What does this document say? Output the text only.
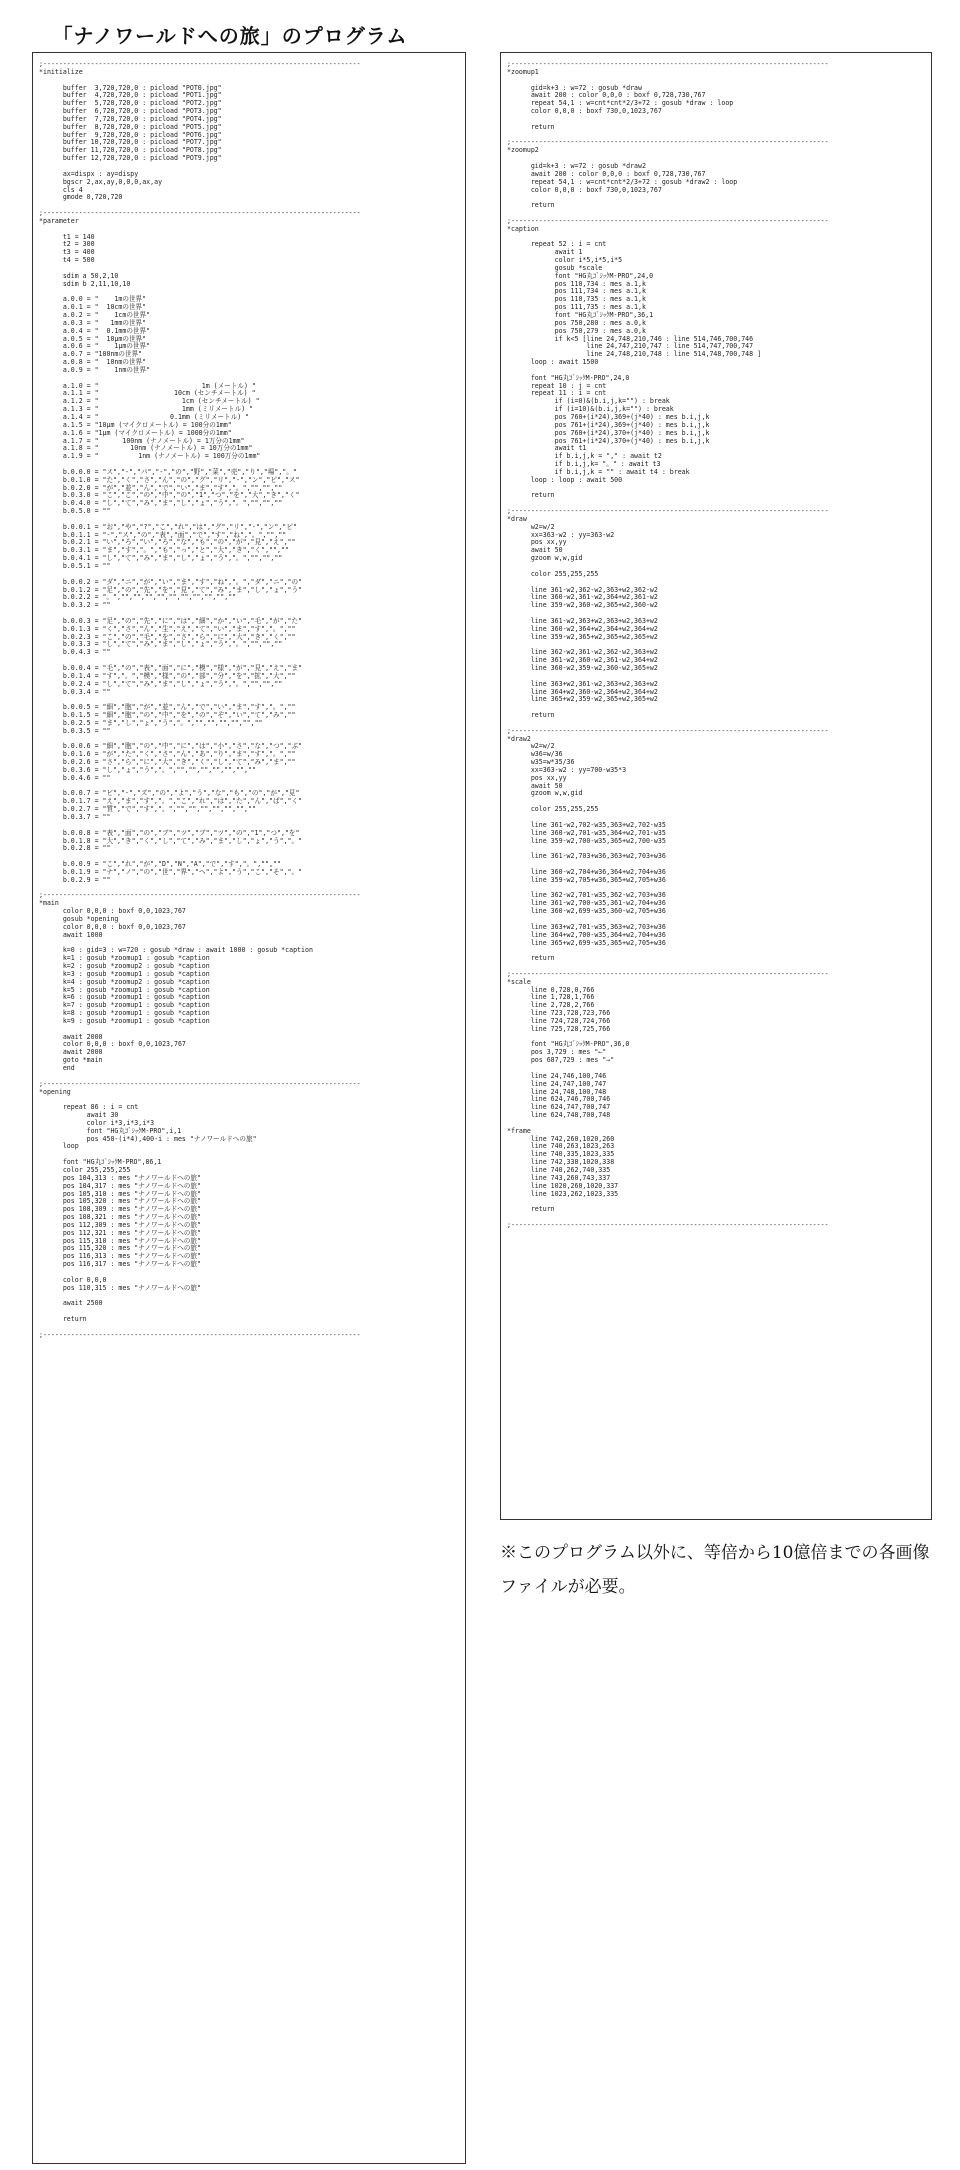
「ナノワールドへの旅」のプログラム
;--------------------------------------------------------------------------------
*initialize

buffer  3,720,720,0 : picload "POT0.jpg"
buffer  4,720,720,0 : picload "POT1.jpg"
buffer  5,720,720,0 : picload "POT2.jpg"
buffer  6,720,720,0 : picload "POT3.jpg"
buffer  7,720,720,0 : picload "POT4.jpg"
buffer  8,720,720,0 : picload "POT5.jpg"
buffer  9,720,720,0 : picload "POT6.jpg"
buffer 10,720,720,0 : picload "POT7.jpg"
buffer 11,720,720,0 : picload "POT8.jpg"
buffer 12,720,720,0 : picload "POT9.jpg"

ax=dispx : ay=dispy
bgscr 2,ax,ay,0,0,0,ax,ay
cls 4
gmode 0,720,720

;--------------------------------------------------------------------------------
*parameter

t1 = 140
t2 = 300
t3 = 400
t4 = 500

sdim a 50,2,10
sdim b 2,11,10,10

a.0.0 = "    1mの世界"
a.0.1 = "  10cmの世界"
a.0.2 = "    1cmの世界"
a.0.3 = "   1mmの世界"
a.0.4 = "  0.1mmの世界"
a.0.5 = "  10μmの世界"
a.0.6 = "    1μmの世界"
a.0.7 = "100nmの世界"
a.0.8 = "  10nmの世界"
a.0.9 = "    1nmの世界"

a.1.0 = "                          1m (メートル) "
a.1.1 = "                   10cm (センチメートル) "
a.1.2 = "                     1cm (センチメートル) "
a.1.3 = "                     1mm (ミリメートル) "
a.1.4 = "                  0.1mm (ミリメートル) "
a.1.5 = "10μm (マイクロメートル) = 100分の1mm"
a.1.6 = "1μm (マイクロメートル) = 1000分の1mm"
a.1.7 = "      100nm (ナノメートル) = 1万分の1mm"
a.1.8 = "        10nm (ナノメートル) = 10万分の1mm"
a.1.9 = "          1nm (ナノメートル) = 100万分の1mm"

b.0.0.0 = "ス","-","パ","-","の","野","菜","売","り","場","。"
b.0.1.0 = "た","く","さ","ん","の","グ","リ","-","ン","ピ","ス"
b.0.2.0 = "が","並","ん","で","い","ま","す","。","","",""
b.0.3.0 = "こ","こ","の","中","の","1","つ","を","大","き","く"
b.0.4.0 = "し","て","み","ま","し","ょ","う","。","","",""
b.0.5.0 = ""

b.0.0.1 = "お","や","?","こ","れ","は","グ","リ","-","ン","ピ"
b.0.1.1 = "-","ス","の","表","面","で","す","ね","。","",""
b.0.2.1 = "い","ろ","い","ろ","な","も","の","が","見","え",""
b.0.3.1 = "ま","す","。","も","っ","と","大","き","く","",""
b.0.4.1 = "し","て","み","ま","し","ょ","う","。","","",""
b.0.5.1 = ""

b.0.0.2 = "ダ","ニ","が","い","ま","す","ね","。","ダ","ニ","の"
b.0.1.2 = "足","の","先","を","見","て","み","ま","し","ょ","う"
b.0.2.2 = "。","","","","","","","","","",""
b.0.3.2 = ""

b.0.0.3 = "足","の","先","に","は","細","か","い","毛","が","た"
b.0.1.3 = "く","さ","ん","生","え","て","い","ま","す","。",""
b.0.2.3 = "こ","の","毛","を","さ","ら","に","大","き","く",""
b.0.3.3 = "し","て","み","ま","し","ょ","う","。","","",""
b.0.4.3 = ""

b.0.0.4 = "毛","の","表","面","に","模","様","が","見","え","ま"
b.0.1.4 = "す","。","模","様","の","部","分","を","拡","大",""
b.0.2.4 = "し","て","み","ま","し","ょ","う","。","","",""
b.0.3.4 = ""

b.0.0.5 = "細","胞","が","並","ん","で","い","ま","す","。",""
b.0.1.5 = "細","胞","の","中","を","の","ぞ","い","て","み",""
b.0.2.5 = "ま","し","ょ","う","。","","","","","",""
b.0.3.5 = ""

b.0.0.6 = "細","胞","の","中","に","は","小","さ","な","つ","ぶ"
b.0.1.6 = "が","た","く","さ","ん","あ","り","ま","す","。",""
b.0.2.6 = "さ","ら","に","大","き","く","し","て","み","ま",""
b.0.3.6 = "し","ょ","う","。","","","","","","",""
b.0.4.6 = ""

b.0.0.7 = "ビ","-","ズ","の","よ","う","な","も","の","が","見"
b.0.1.7 = "え","ま","す","。","こ","れ","は","た","ん","ぱ","く"
b.0.2.7 = "質","で","す","。","","","","","","",""
b.0.3.7 = ""

b.0.0.8 = "表","面","の","ブ","ツ","ブ","ツ","の","1","つ","を"
b.0.1.8 = "大","き","く","し","て","み","ま","し","ょ","う","。"
b.0.2.8 = ""

b.0.0.9 = "こ","れ","が","D","N","A","で","す","。","",""
b.0.1.9 = "ナ","ノ","の","世","界","へ","よ","う","こ","そ","。"
b.0.2.9 = ""

;--------------------------------------------------------------------------------
*main
color 0,0,0 : boxf 0,0,1023,767
gosub *opening
color 0,0,0 : boxf 0,0,1023,767
await 1000

k=0 : gid=3 : w=720 : gosub *draw : await 1000 : gosub *caption
k=1 : gosub *zoomup1 : gosub *caption
k=2 : gosub *zoomup2 : gosub *caption
k=3 : gosub *zoomup1 : gosub *caption
k=4 : gosub *zoomup2 : gosub *caption
k=5 : gosub *zoomup1 : gosub *caption
k=6 : gosub *zoomup1 : gosub *caption
k=7 : gosub *zoomup1 : gosub *caption
k=8 : gosub *zoomup1 : gosub *caption
k=9 : gosub *zoomup1 : gosub *caption

await 2000
color 0,0,0 : boxf 0,0,1023,767
await 2000
goto *main
end

;--------------------------------------------------------------------------------
*opening

repeat 86 : i = cnt
await 30
color i*3,i*3,i*3
font "HG丸ｺﾞｼｯｸM-PRO",i,1
pos 450-(i*4),400-i : mes "ナノワールドへの旅"
loop

font "HG丸ｺﾞｼｯｸM-PRO",86,1
color 255,255,255
pos 104,313 : mes "ナノワールドへの旅"
pos 104,317 : mes "ナノワールドへの旅"
pos 105,310 : mes "ナノワールドへの旅"
pos 105,320 : mes "ナノワールドへの旅"
pos 108,309 : mes "ナノワールドへの旅"
pos 108,321 : mes "ナノワールドへの旅"
pos 112,309 : mes "ナノワールドへの旅"
pos 112,321 : mes "ナノワールドへの旅"
pos 115,310 : mes "ナノワールドへの旅"
pos 115,320 : mes "ナノワールドへの旅"
pos 116,313 : mes "ナノワールドへの旅"
pos 116,317 : mes "ナノワールドへの旅"

color 0,0,0
pos 110,315 : mes "ナノワールドへの旅"

await 2500

return

;--------------------------------------------------------------------------------

;--------------------------------------------------------------------------------
*zoomup1

gid=k+3 : w=72 : gosub *draw
await 200 : color 0,0,0 : boxf 0,728,730,767
repeat 54,1 : w=cnt*cnt*2/3+72 : gosub *draw : loop
color 0,0,0 : boxf 730,0,1023,767

return

;--------------------------------------------------------------------------------
*zoomup2

gid=k+3 : w=72 : gosub *draw2
await 200 : color 0,0,0 : boxf 0,728,730,767
repeat 54,1 : w=cnt*cnt*2/3+72 : gosub *draw2 : loop
color 0,0,0 : boxf 730,0,1023,767

return

;--------------------------------------------------------------------------------
*caption

repeat 52 : i = cnt
await 1
color i*5,i*5,i*5
gosub *scale
font "HG丸ｺﾞｼｯｸM-PRO",24,0
pos 110,734 : mes a.1,k
pos 111,734 : mes a.1,k
pos 110,735 : mes a.1,k
pos 111,735 : mes a.1,k
font "HG丸ｺﾞｼｯｸM-PRO",36,1
pos 750,280 : mes a.0,k
pos 750,279 : mes a.0,k
if k<5 [line 24,748,210,746 : line 514,746,700,746
line 24,747,210,747 : line 514,747,700,747
line 24,748,210,748 : line 514,748,700,748 ]
loop : await 1500

font "HG丸ｺﾞｼｯｸM-PRO",24,0
repeat 10 : j = cnt
repeat 11 : i = cnt
if (i=0)&(b.i,j,k="") : break
if (i=10)&(b.i,j,k="") : break
pos 760+(i*24),369+(j*40) : mes b.i,j,k
pos 761+(i*24),369+(j*40) : mes b.i,j,k
pos 760+(i*24),370+(j*40) : mes b.i,j,k
pos 761+(i*24),370+(j*40) : mes b.i,j,k
await t1
if b.i,j,k = "," : await t2
if b.i,j,k= "。" : await t3
if b.i,j,k = "" : await t4 : break
loop : loop : await 500

return

;--------------------------------------------------------------------------------
*draw
w2=w/2
xx=363-w2 : yy=363-w2
pos xx,yy
await 50
gzoom w,w,gid

color 255,255,255

line 361-w2,362-w2,363+w2,362-w2
line 360-w2,361-w2,364+w2,361-w2
line 359-w2,360-w2,365+w2,360-w2

line 361-w2,363+w2,363+w2,363+w2
line 360-w2,364+w2,364+w2,364+w2
line 359-w2,365+w2,365+w2,365+w2

line 362-w2,361-w2,362-w2,363+w2
line 361-w2,360-w2,361-w2,364+w2
line 360-w2,359-w2,360-w2,365+w2

line 363+w2,361-w2,363+w2,363+w2
line 364+w2,360-w2,364+w2,364+w2
line 365+w2,359-w2,365+w2,365+w2

return

;--------------------------------------------------------------------------------
*draw2
w2=w/2
w36=w/36
w35=w*35/36
xx=363-w2 : yy=700-w35*3
pos xx,yy
await 50
gzoom w,w,gid

color 255,255,255

line 361-w2,702-w35,363+w2,702-w35
line 360-w2,701-w35,364+w2,701-w35
line 359-w2,700-w35,365+w2,700-w35

line 361-w2,703+w36,363+w2,703+w36

line 360-w2,704+w36,364+w2,704+w36
line 359-w2,705+w36,365+w2,705+w36

line 362-w2,701-w35,362-w2,703+w36
line 361-w2,700-w35,361-w2,704+w36
line 360-w2,699-w35,360-w2,705+w36

line 363+w2,701-w35,363+w2,703+w36
line 364+w2,700-w35,364+w2,704+w36
line 365+w2,699-w35,365+w2,705+w36

return

;--------------------------------------------------------------------------------
*scale
line 0,728,0,766
line 1,728,1,766
line 2,728,2,766
line 723,728,723,766
line 724,728,724,766
line 725,728,725,766

font "HG丸ｺﾞｼｯｸM-PRO",36,0
pos 3,729 : mes "←"
pos 687,729 : mes "→"

line 24,746,100,746
line 24,747,100,747
line 24,748,100,748
line 624,746,700,746
line 624,747,700,747
line 624,748,700,748

*frame
line 742,260,1020,260
line 740,263,1023,263
line 740,335,1023,335
line 742,338,1020,338
line 740,262,740,335
line 743,260,743,337
line 1020,260,1020,337
line 1023,262,1023,335

return

;--------------------------------------------------------------------------------

※このプログラム以外に、等倍から10億倍までの各画像ファイルが必要。
